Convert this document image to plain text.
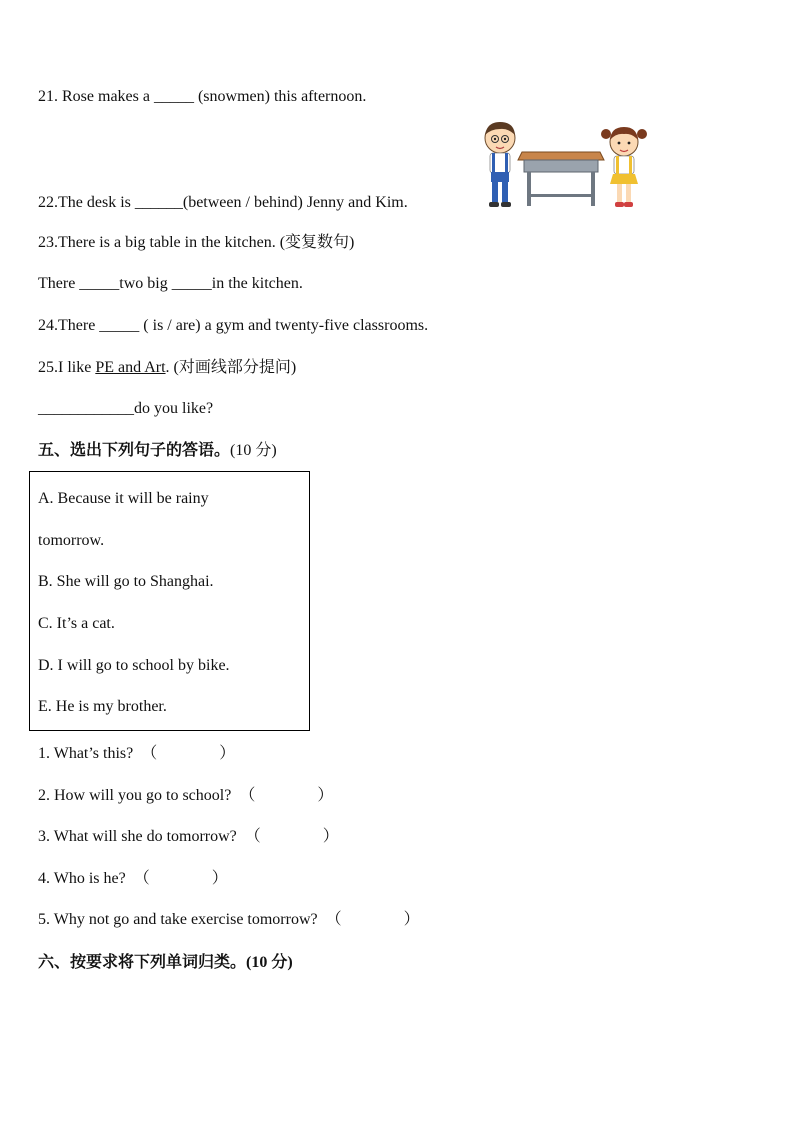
21. Rose makes a _____ (snowmen) this afternoon.
22.The desk is ______(between / behind) Jenny and Kim.
23.There is a big table in the kitchen. (变复数句)
There _____two big _____in the kitchen.
24.There _____ ( is / are) a gym and twenty-five classrooms.
25.I like PE and Art. (对画线部分提问)
____________do you like?
五、选出下列句子的答语。(10 分)
A. Because it will be rainy
tomorrow.
B. She will go to Shanghai.
C. It’s a cat.
D. I will go to school by bike.
E. He is my brother.
1. What’s this? （	）
2. How will you go to school? （	）
3. What will she do tomorrow? （	）
4. Who is he? （	）
5. Why not go and take exercise tomorrow? （	）
六、按要求将下列单词归类。(10 分)
